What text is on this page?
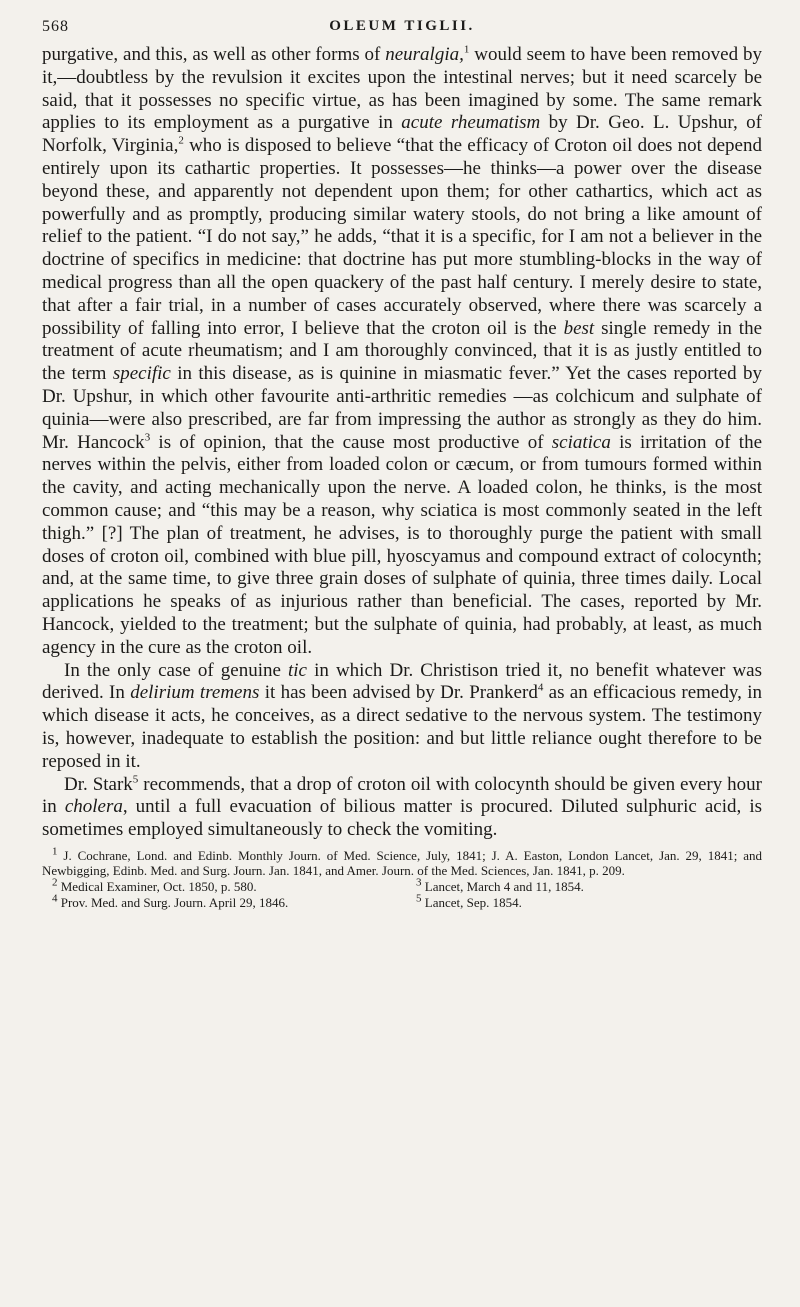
568	OLEUM TIGLII.

purgative, and this, as well as other forms of neuralgia,$^1$ would seem to have been removed by it,—doubtless by the revulsion it excites upon the intestinal nerves; but it need scarcely be said, that it possesses no specific virtue, as has been imagined by some. The same remark applies to its employment as a purgative in acute rheumatism by Dr. Geo. L. Upshur, of Norfolk, Virginia,$^2$ who is disposed to believe “that the efficacy of Croton oil does not depend entirely upon its cathartic properties. It possesses—he thinks—a power over the disease beyond these, and apparently not dependent upon them; for other cathartics, which act as powerfully and as promptly, producing similar watery stools, do not bring a like amount of relief to the patient. “I do not say,” he adds, “that it is a specific, for I am not a believer in the doctrine of specifics in medicine: that doctrine has put more stumbling-blocks in the way of medical progress than all the open quackery of the past half century. I merely desire to state, that after a fair trial, in a number of cases accurately observed, where there was scarcely a possibility of falling into error, I believe that the croton oil is the best single remedy in the treatment of acute rheumatism; and I am thoroughly convinced, that it is as justly entitled to the term specific in this disease, as is quinine in miasmatic fever.” Yet the cases reported by Dr. Upshur, in which other favourite anti-arthritic remedies —as colchicum and sulphate of quinia—were also prescribed, are far from impressing the author as strongly as they do him. Mr. Hancock$^3$ is of opinion, that the cause most productive of sciatica is irritation of the nerves within the pelvis, either from loaded colon or cæcum, or from tumours formed within the cavity, and acting mechanically upon the nerve. A loaded colon, he thinks, is the most common cause; and “this may be a reason, why sciatica is most commonly seated in the left thigh.” [?] The plan of treatment, he advises, is to thoroughly purge the patient with small doses of croton oil, combined with blue pill, hyoscyamus and compound extract of colocynth; and, at the same time, to give three grain doses of sulphate of quinia, three times daily. Local applications he speaks of as injurious rather than beneficial. The cases, reported by Mr. Hancock, yielded to the treatment; but the sulphate of quinia, had probably, at least, as much agency in the cure as the croton oil.

In the only case of genuine tic in which Dr. Christison tried it, no benefit whatever was derived. In delirium tremens it has been advised by Dr. Prankerd$^4$ as an efficacious remedy, in which disease it acts, he conceives, as a direct sedative to the nervous system. The testimony is, however, inadequate to establish the position: and but little reliance ought therefore to be reposed in it.

Dr. Stark$^5$ recommends, that a drop of croton oil with colocynth should be given every hour in cholera, until a full evacuation of bilious matter is procured. Diluted sulphuric acid, is sometimes employed simultaneously to check the vomiting.

$^1$ J. Cochrane, Lond. and Edinb. Monthly Journ. of Med. Science, July, 1841; J. A. Easton, London Lancet, Jan. 29, 1841; and Newbigging, Edinb. Med. and Surg. Journ. Jan. 1841, and Amer. Journ. of the Med. Sciences, Jan. 1841, p. 209.
$^2$ Medical Examiner, Oct. 1850, p. 580.	$^3$ Lancet, March 4 and 11, 1854.
$^4$ Prov. Med. and Surg. Journ. April 29, 1846.	$^5$ Lancet, Sep. 1854.
